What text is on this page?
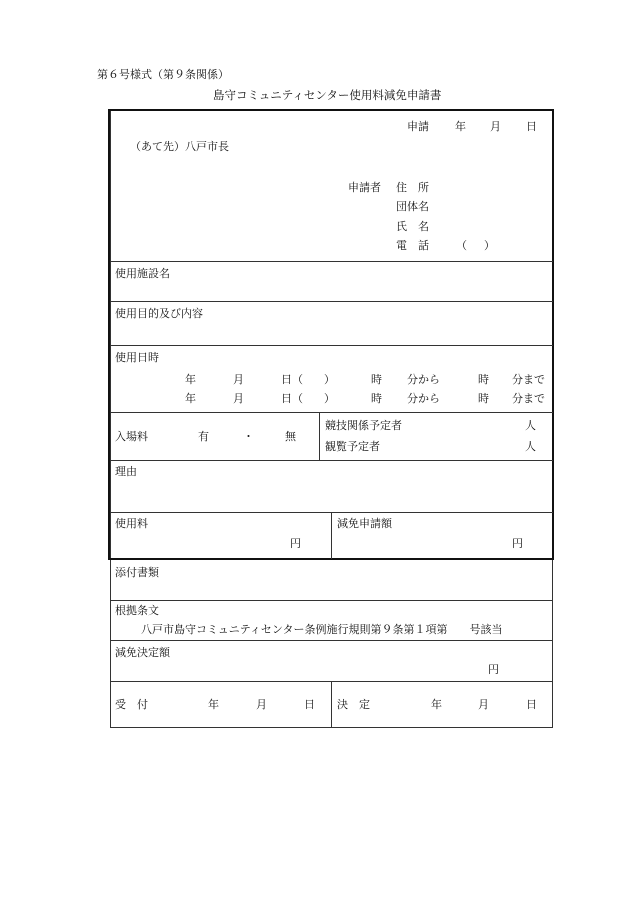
第６号様式（第９条関係）
島守コミュニティセンター使用料減免申請書
申請 年 月 日
（あて先）八戸市長
申請者 住　所
団体名
氏　名
電　話 （ ）
使用施設名
使用目的及び内容
使用日時
年	月	日（ ）	時 分から	時 分まで
年	月	日（ ）	時 分から	時 分まで
入場料	有	・	無
競技関係予定者	人
観覧予定者	人
理由
使用料
円
減免申請額
円
添付書類
根拠条文
八戸市島守コミュニティセンター条例施行規則第９条第１項第　　号該当
減免決定額
円
受　付	年	月	日 決　定	年	月	日
